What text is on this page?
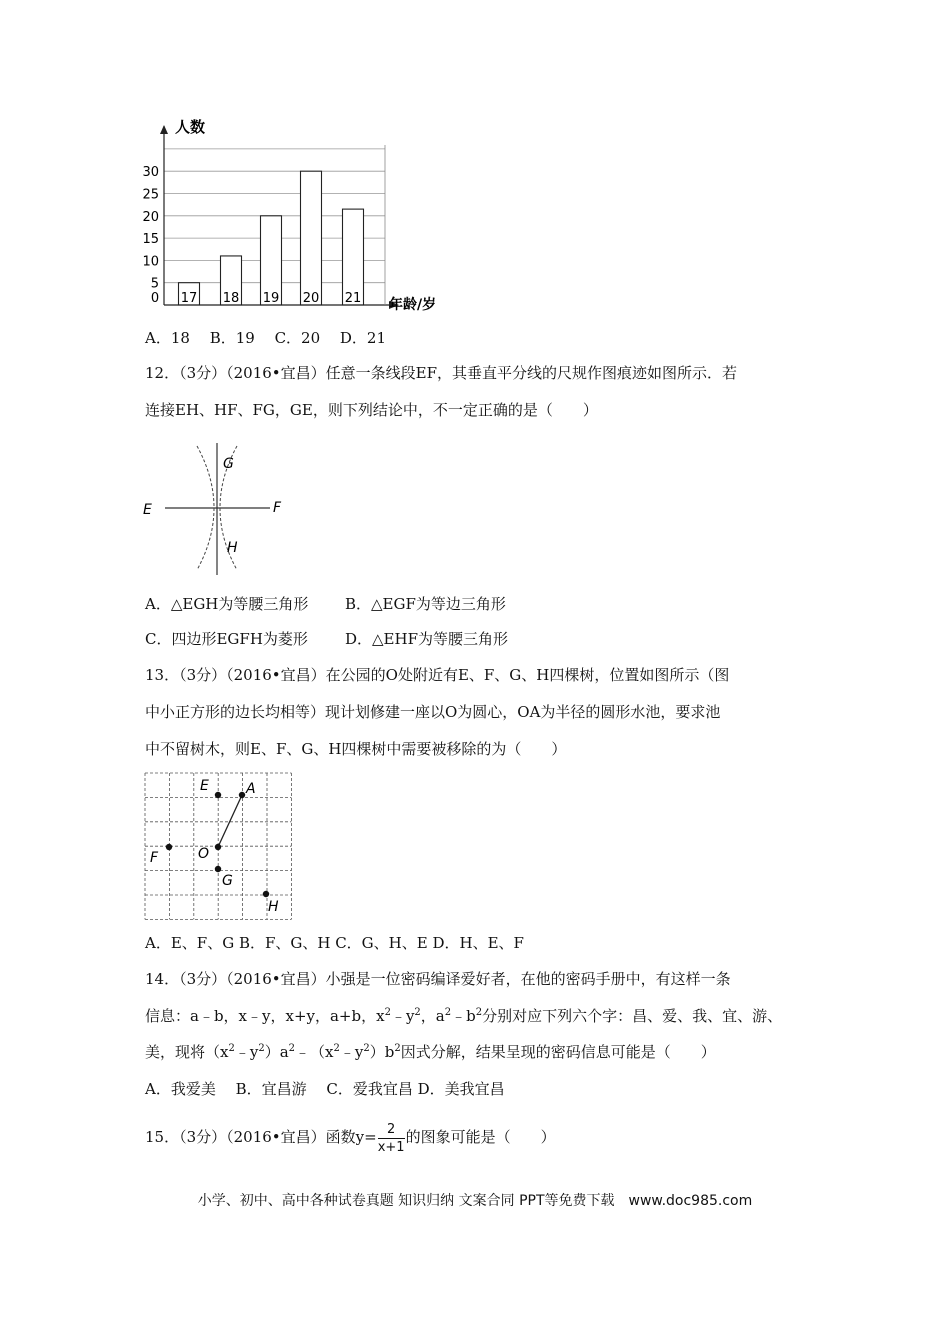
5
10
15
20
25
30
17 18 19 20 21
0
人数
年龄/岁
A．18　 B．19　 C．20　 D．21
12．（3分）（2016•宜昌）任意一条线段EF，其垂直平分线的尺规作图痕迹如图所示．若
连接EH、HF、FG，GE，则下列结论中，不一定正确的是（　　）
E	F
G
H
A．△EGH为等腰三角形 B．△EGF为等边三角形
C．四边形EGFH为菱形 D．△EHF为等腰三角形
13．（3分）（2016•宜昌）在公园的O处附近有E、F、G、H四棵树，位置如图所示（图
中小正方形的边长均相等）现计划修建一座以O为圆心，OA为半径的圆形水池，要求池
中不留树木，则E、F、G、H四棵树中需要被移除的为（　　）
E	A
F	O
G
H
A．E、F、G B．F、G、H C．G、H、E D．H、E、F
14．（3分）（2016•宜昌）小强是一位密码编译爱好者，在他的密码手册中，有这样一条
信息：a﹣b，x﹣y，x+y，a+b，$x^2﹣y^2$，$a^2﹣b^2$分别对应下列六个字：昌、爱、我、宜、游、
美，现将$(x^2﹣y^2)a^2﹣(x^2﹣y^2)b^2$因式分解，结果呈现的密码信息可能是（　　）
A．我爱美　 B．宜昌游　 C．爱我宜昌 D．美我宜昌
15．（3分）（2016•宜昌）函数$y= \frac{2}{x+1}$ 的图象可能是（　　）
小学、初中、高中各种试卷真题 知识归纳 文案合同 PPT等免费下载　www.doc985.com
